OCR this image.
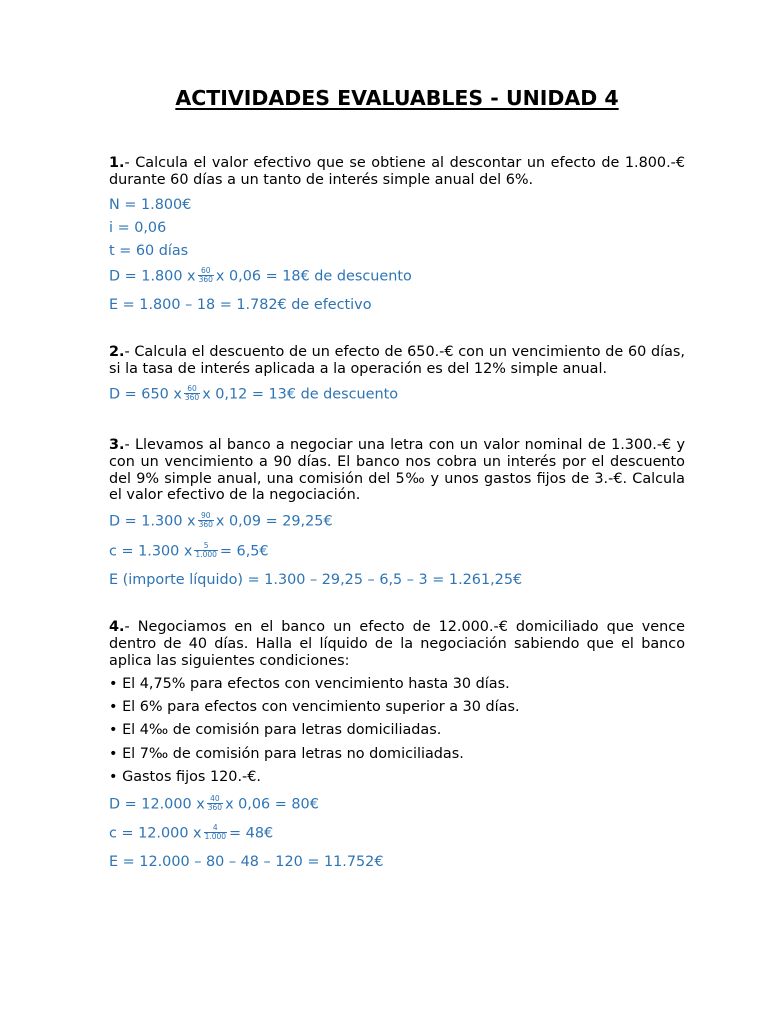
ACTIVIDADES EVALUABLES - UNIDAD 4

1.- Calcula el valor efectivo que se obtiene al descontar un efecto de 1.800.-€ durante 60 días a un tanto de interés simple anual del 6%.

N = 1.800€
i = 0,06
t = 60 días
D = 1.800 x $\frac{60}{360}$ x 0,06 = 18€ de descuento
E = 1.800 – 18 = 1.782€ de efectivo

2.- Calcula el descuento de un efecto de 650.-€ con un vencimiento de 60 días, si la tasa de interés aplicada a la operación es del 12% simple anual.

D = 650 x $\frac{60}{360}$ x 0,12 = 13€ de descuento

3.- Llevamos al banco a negociar una letra con un valor nominal de 1.300.-€ y con un vencimiento a 90 días. El banco nos cobra un interés por el descuento del 9% simple anual, una comisión del 5‰ y unos gastos fijos de 3.-€. Calcula el valor efectivo de la negociación.

D = 1.300 x $\frac{90}{360}$ x 0,09 = 29,25€
c = 1.300 x $\frac{5}{1.000}$ = 6,5€
E (importe líquido) = 1.300 – 29,25 – 6,5 – 3 = 1.261,25€

4.- Negociamos en el banco un efecto de 12.000.-€ domiciliado que vence dentro de 40 días. Halla el líquido de la negociación sabiendo que el banco aplica las siguientes condiciones:

• El 4,75% para efectos con vencimiento hasta 30 días.
• El 6% para efectos con vencimiento superior a 30 días.
• El 4‰ de comisión para letras domiciliadas.
• El 7‰ de comisión para letras no domiciliadas.
• Gastos fijos 120.-€.
D = 12.000 x $\frac{40}{360}$ x 0,06 = 80€
c = 12.000 x $\frac{4}{1.000}$ = 48€
E = 12.000 – 80 – 48 – 120 = 11.752€
